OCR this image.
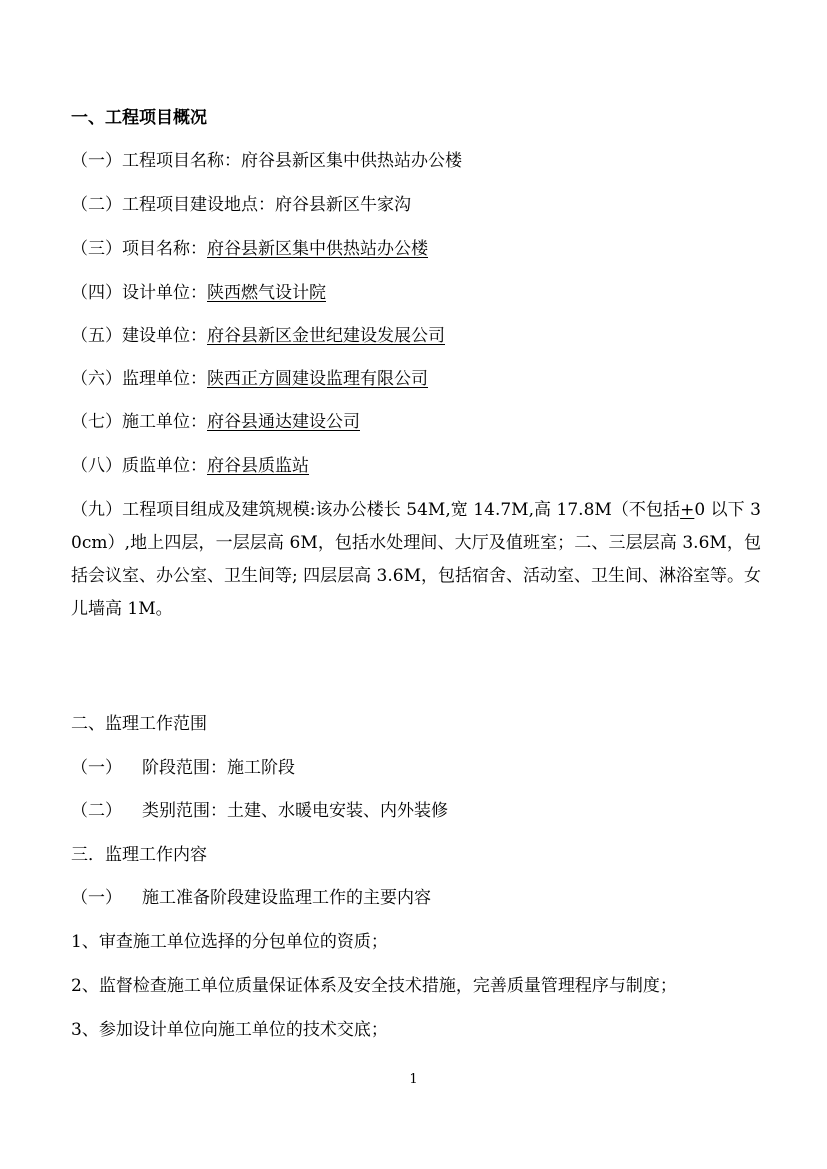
一、工程项目概况
（一）工程项目名称：府谷县新区集中供热站办公楼
（二）工程项目建设地点：府谷县新区牛家沟
（三）项目名称：府谷县新区集中供热站办公楼
（四）设计单位：陕西燃气设计院
（五）建设单位：府谷县新区金世纪建设发展公司
（六）监理单位：陕西正方圆建设监理有限公司
（七）施工单位：府谷县通达建设公司
（八）质监单位：府谷县质监站
（九）工程项目组成及建筑规模:该办公楼长 54M,宽 14.7M,高 17.8M（不包括+0 以下 30cm）,地上四层，一层层高 6M，包括水处理间、大厅及值班室；二、三层层高 3.6M，包括会议室、办公室、卫生间等; 四层层高 3.6M，包括宿舍、活动室、卫生间、淋浴室等。女儿墙高 1M。
二、监理工作范围
（一） 阶段范围：施工阶段
（二） 类别范围：土建、水暖电安装、内外装修
三．监理工作内容
（一） 施工准备阶段建设监理工作的主要内容
1、审查施工单位选择的分包单位的资质；
2、监督检查施工单位质量保证体系及安全技术措施，完善质量管理程序与制度；
3、参加设计单位向施工单位的技术交底；
1
